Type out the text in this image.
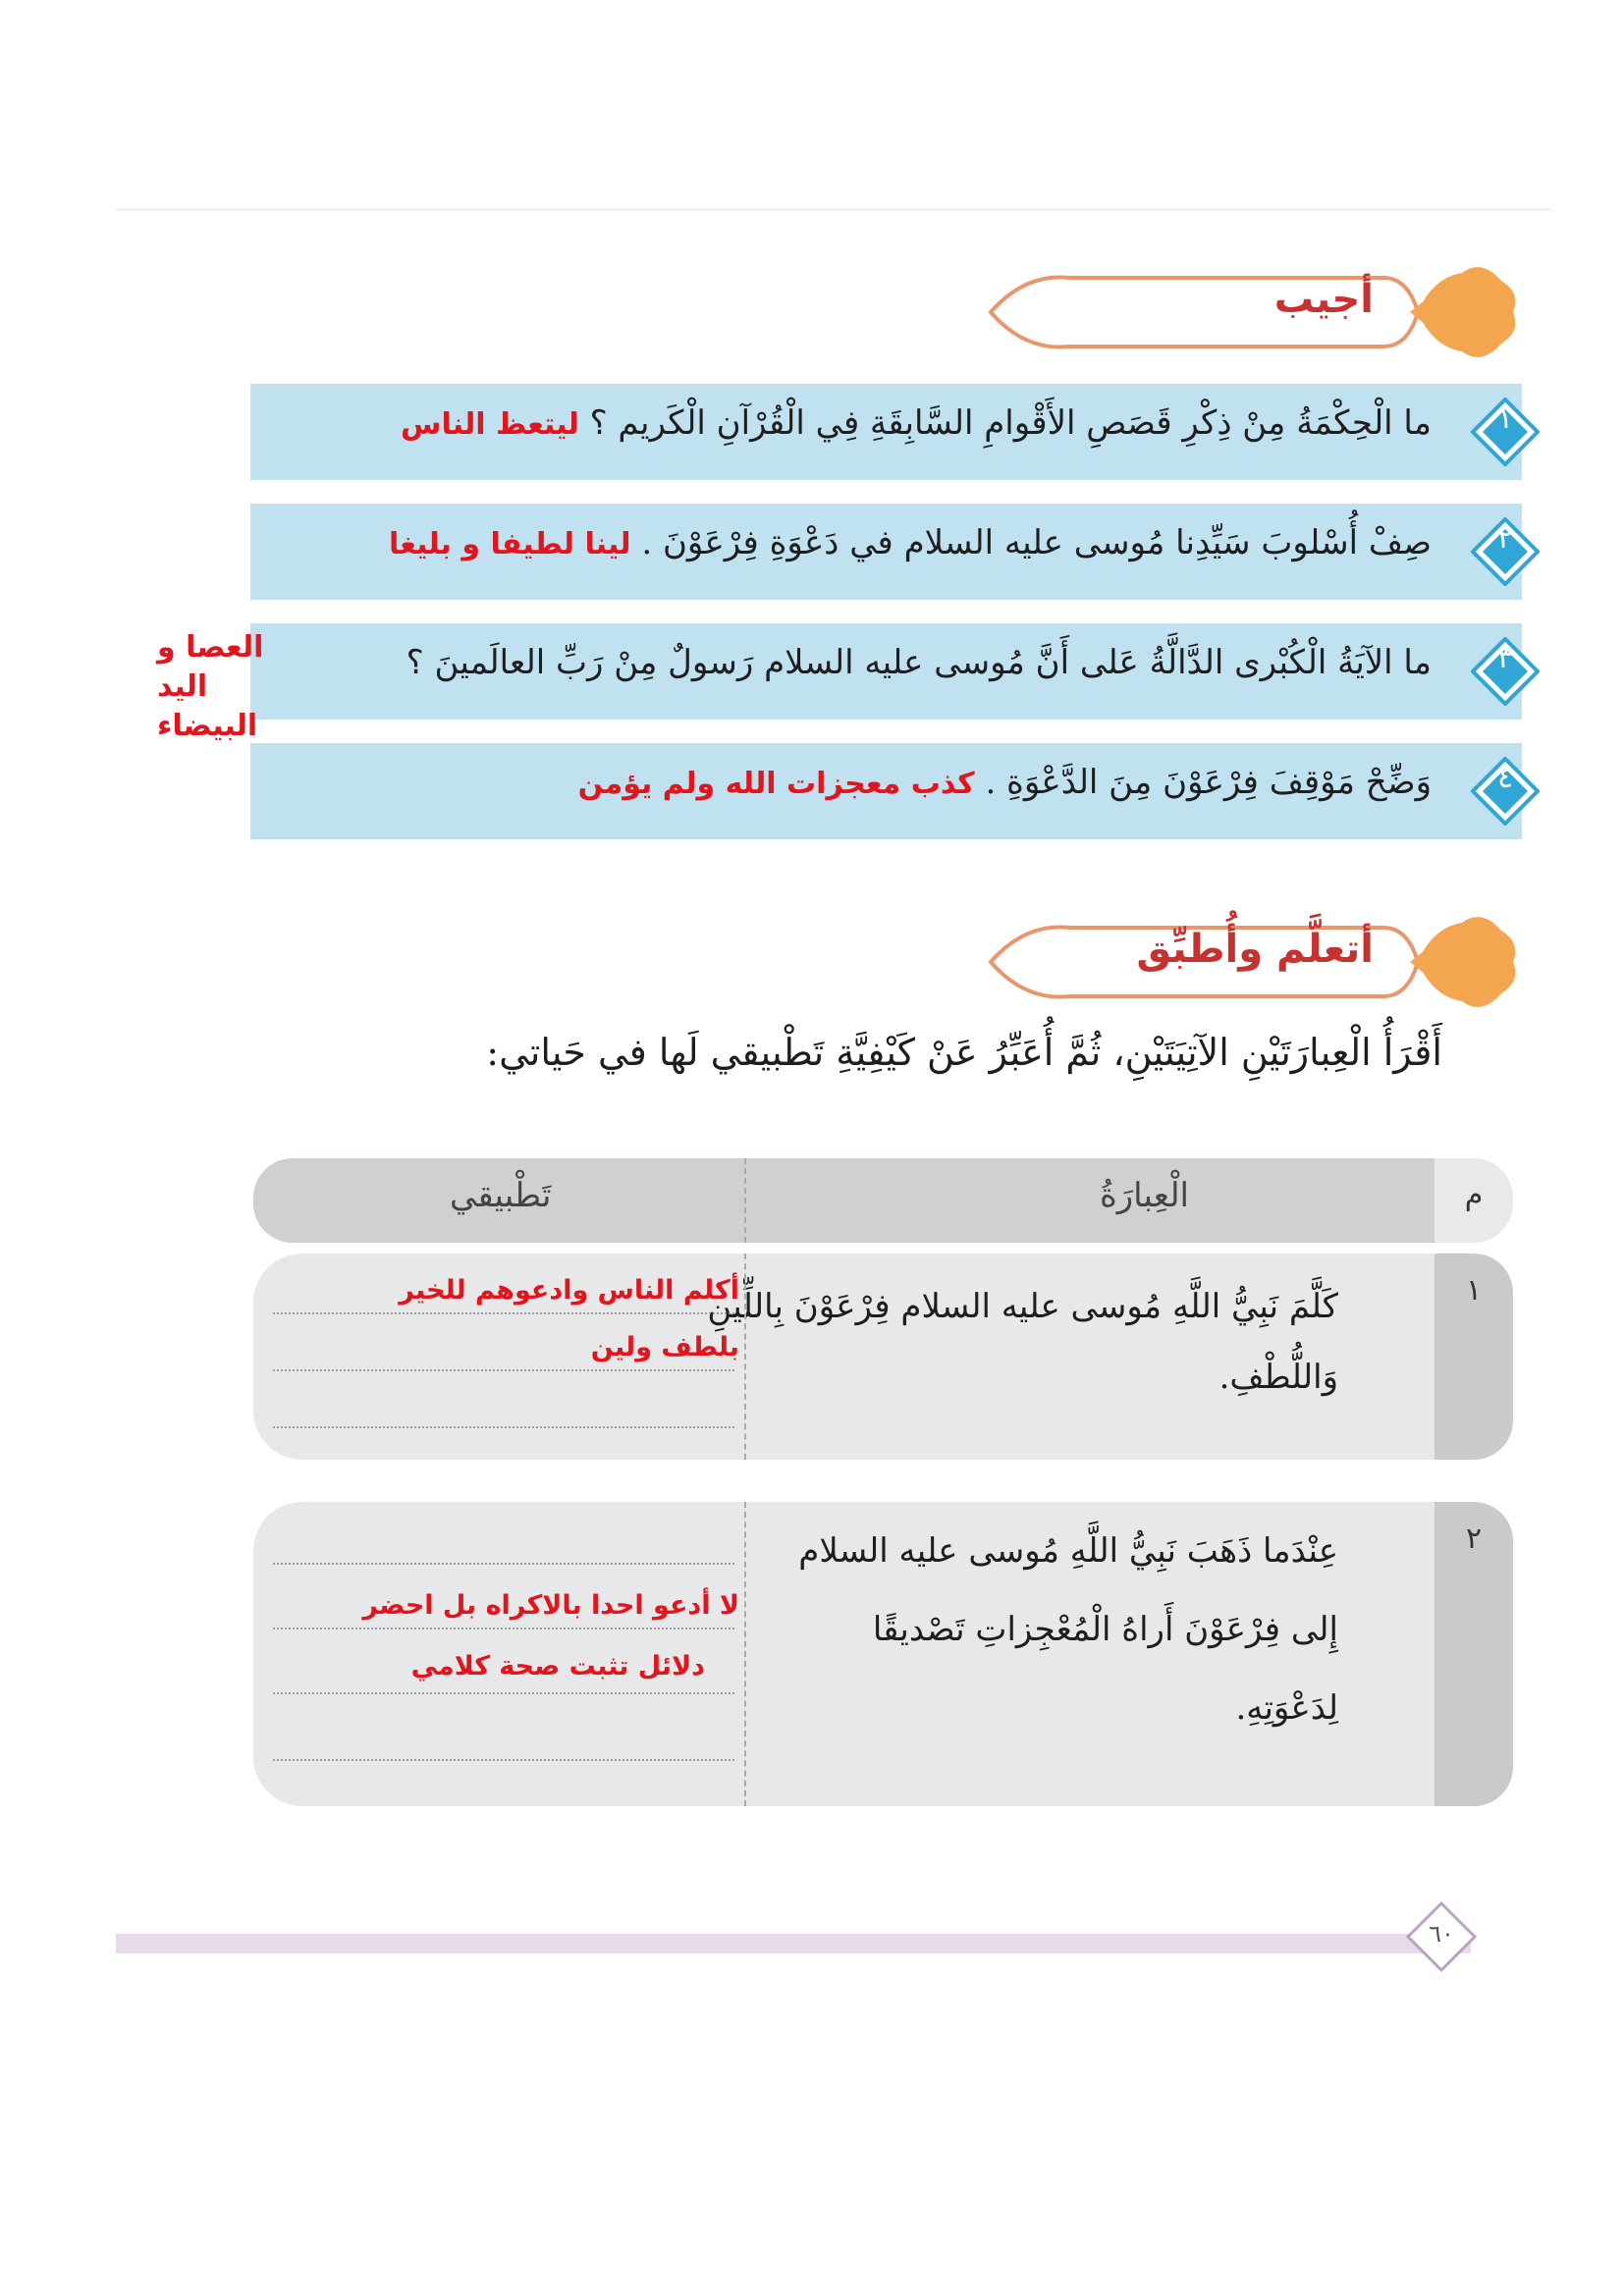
أجيب
١
ما الْحِكْمَةُ مِنْ ذِكْرِ قَصَصِ الأَقْوامِ السَّابِقَةِ فِي الْقُرْآنِ الْكَريم ؟ ليتعظ الناس
٢
صِفْ أُسْلوبَ سَيِّدِنا مُوسى عليه السلام في دَعْوَةِ فِرْعَوْنَ . لينا لطيفا و بليغا
٣
ما الآيَةُ الْكُبْرى الدَّالَّةُ عَلى أَنَّ مُوسى عليه السلام رَسولٌ مِنْ رَبِّ العالَمينَ ؟
العصا و اليد البيضاء
٤
وَضِّحْ مَوْقِفَ فِرْعَوْنَ مِنَ الدَّعْوَةِ . كذب معجزات الله ولم يؤمن
أتعلَّم وأُطبِّق
أَقْرَأُ الْعِبارَتَيْنِ الآتِيَتَيْنِ، ثُمَّ أُعَبِّرُ عَنْ كَيْفِيَّةِ تَطْبيقي لَها في حَياتي:
م
الْعِبارَةُ
تَطْبيقي
١
كَلَّمَ نَبِيُّ اللَّهِ مُوسى عليه السلام فِرْعَوْنَ بِاللِّينِ
وَاللُّطْفِ.
أكلم الناس وادعوهم للخير
بلطف ولين
٢
عِنْدَما ذَهَبَ نَبِيُّ اللَّهِ مُوسى عليه السلام
إِلى فِرْعَوْنَ أَراهُ الْمُعْجِزاتِ تَصْديقًا
لِدَعْوَتِهِ.
لا أدعو احدا بالاكراه بل احضر
دلائل تثبت صحة كلامي
٦٠
